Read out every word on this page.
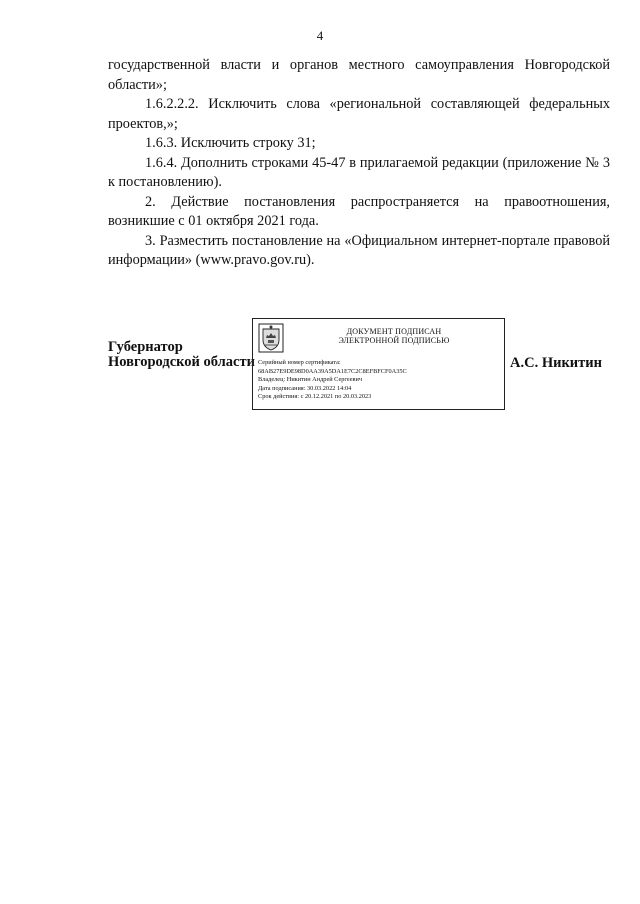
4

государственной власти и органов местного самоуправления Новгородской области»;

1.6.2.2.2. Исключить слова «региональной составляющей федеральных проектов,»;

1.6.3. Исключить строку 31;

1.6.4. Дополнить строками 45-47 в прилагаемой редакции (приложение № 3 к постановлению).

2. Действие постановления распространяется на правоотношения, возникшие с 01 октября 2021 года.

3. Разместить постановление на «Официальном интернет-портале правовой информации» (www.pravo.gov.ru).

Губернатор
Новгородской области
ДОКУМЕНТ ПОДПИСАН
ЭЛЕКТРОННОЙ ПОДПИСЬЮ
Серийный номер сертификата:
68AB27E9DE98D0AA39A5DA1E7C2C8EFBFCF0A35C
Владелец: Никитин Андрей Сергеевич
Дата подписания: 30.03.2022 14:04
Срок действия: с 20.12.2021 по 20.03.2023
А.С. Никитин
